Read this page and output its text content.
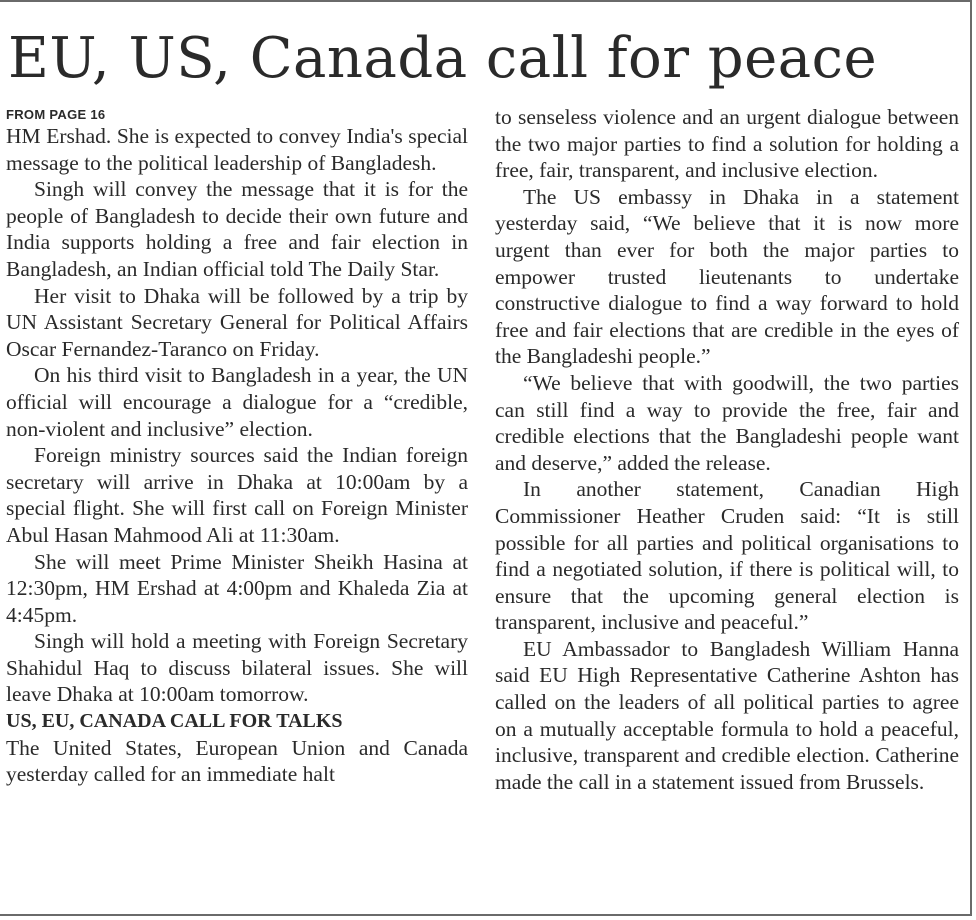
EU, US, Canada call for peace

FROM PAGE 16

HM Ershad. She is expected to convey India's special message to the political leadership of Bangladesh.

Singh will convey the message that it is for the people of Bangladesh to decide their own future and India supports holding a free and fair election in Bangladesh, an Indian official told The Daily Star.

Her visit to Dhaka will be followed by a trip by UN Assistant Secretary General for Political Affairs Oscar Fernandez-Taranco on Friday.

On his third visit to Bangladesh in a year, the UN official will encourage a dialogue for a “credible, non-violent and inclusive” election.

Foreign ministry sources said the Indian foreign secretary will arrive in Dhaka at 10:00am by a special flight. She will first call on Foreign Minister Abul Hasan Mahmood Ali at 11:30am.

She will meet Prime Minister Sheikh Hasina at 12:30pm, HM Ershad at 4:00pm and Khaleda Zia at 4:45pm.

Singh will hold a meeting with Foreign Secretary Shahidul Haq to discuss bilateral issues. She will leave Dhaka at 10:00am tomorrow.

US, EU, CANADA CALL FOR TALKS

The United States, European Union and Canada yesterday called for an immediate halt

to senseless violence and an urgent dialogue between the two major parties to find a solution for holding a free, fair, transparent, and inclusive election.

The US embassy in Dhaka in a statement yesterday said, “We believe that it is now more urgent than ever for both the major parties to empower trusted lieutenants to undertake constructive dialogue to find a way forward to hold free and fair elections that are credible in the eyes of the Bangladeshi people.”

“We believe that with goodwill, the two parties can still find a way to provide the free, fair and credible elections that the Bangladeshi people want and deserve,” added the release.

In another statement, Canadian High Commissioner Heather Cruden said: “It is still possible for all parties and political organisations to find a negotiated solution, if there is political will, to ensure that the upcoming general election is transparent, inclusive and peaceful.”

EU Ambassador to Bangladesh William Hanna said EU High Representative Catherine Ashton has called on the leaders of all political parties to agree on a mutually acceptable formula to hold a peaceful, inclusive, transparent and credible election. Catherine made the call in a statement issued from Brussels.
